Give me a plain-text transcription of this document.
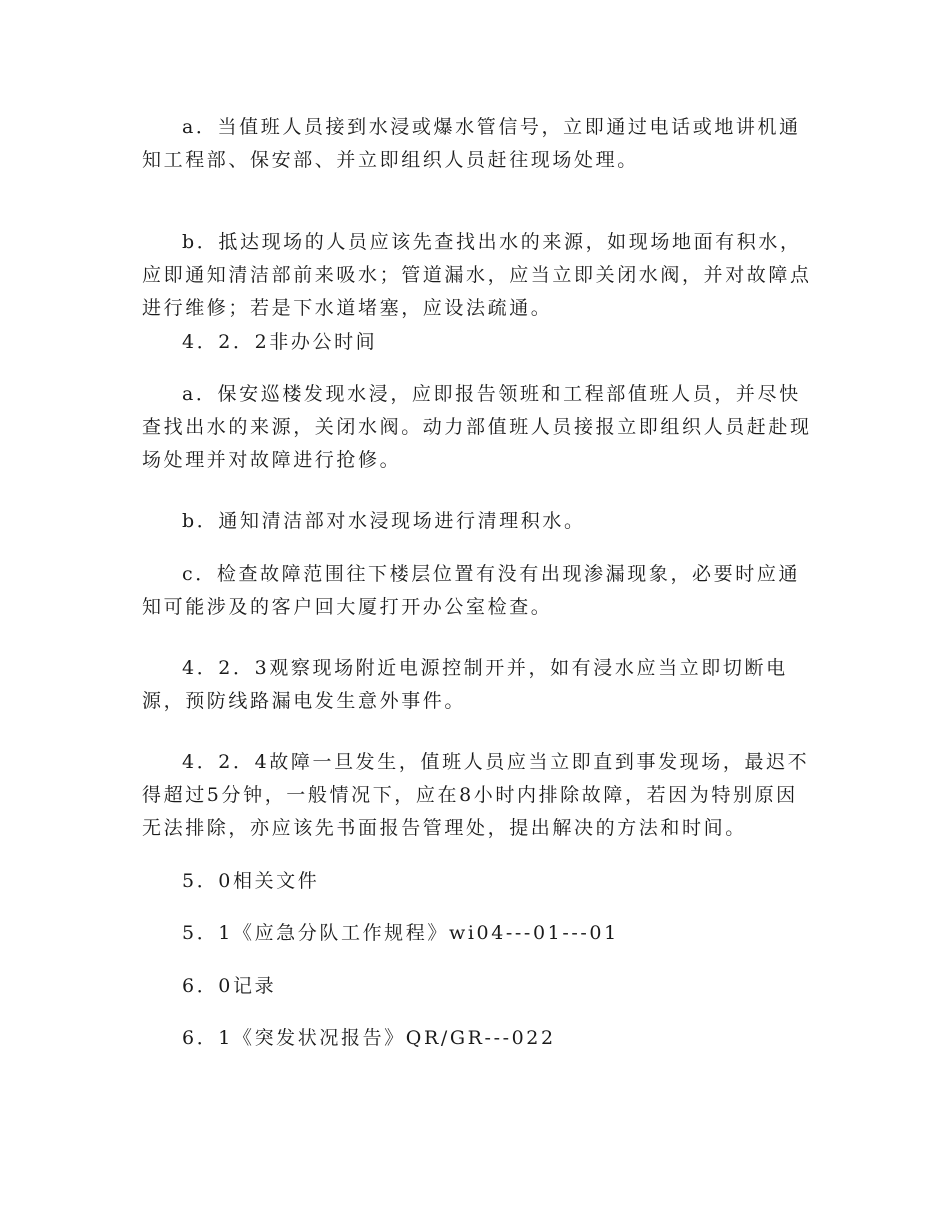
a．当值班人员接到水浸或爆水管信号，立即通过电话或地讲机通知工程部、保安部、并立即组织人员赶往现场处理。

b．抵达现场的人员应该先查找出水的来源，如现场地面有积水，应即通知清洁部前来吸水；管道漏水，应当立即关闭水阀，并对故障点进行维修；若是下水道堵塞，应设法疏通。

4．2．2非办公时间

a．保安巡楼发现水浸，应即报告领班和工程部值班人员，并尽快查找出水的来源，关闭水阀。动力部值班人员接报立即组织人员赶赴现场处理并对故障进行抢修。

b．通知清洁部对水浸现场进行清理积水。

c．检查故障范围往下楼层位置有没有出现渗漏现象，必要时应通知可能涉及的客户回大厦打开办公室检查。

4．2．3观察现场附近电源控制开并，如有浸水应当立即切断电源，预防线路漏电发生意外事件。

4．2．4故障一旦发生，值班人员应当立即直到事发现场，最迟不得超过5分钟，一般情况下，应在8小时内排除故障，若因为特别原因无法排除，亦应该先书面报告管理处，提出解决的方法和时间。

5．0相关文件

5．1《应急分队工作规程》wi04---01---01

6．0记录

6．1《突发状况报告》QR/GR---022
